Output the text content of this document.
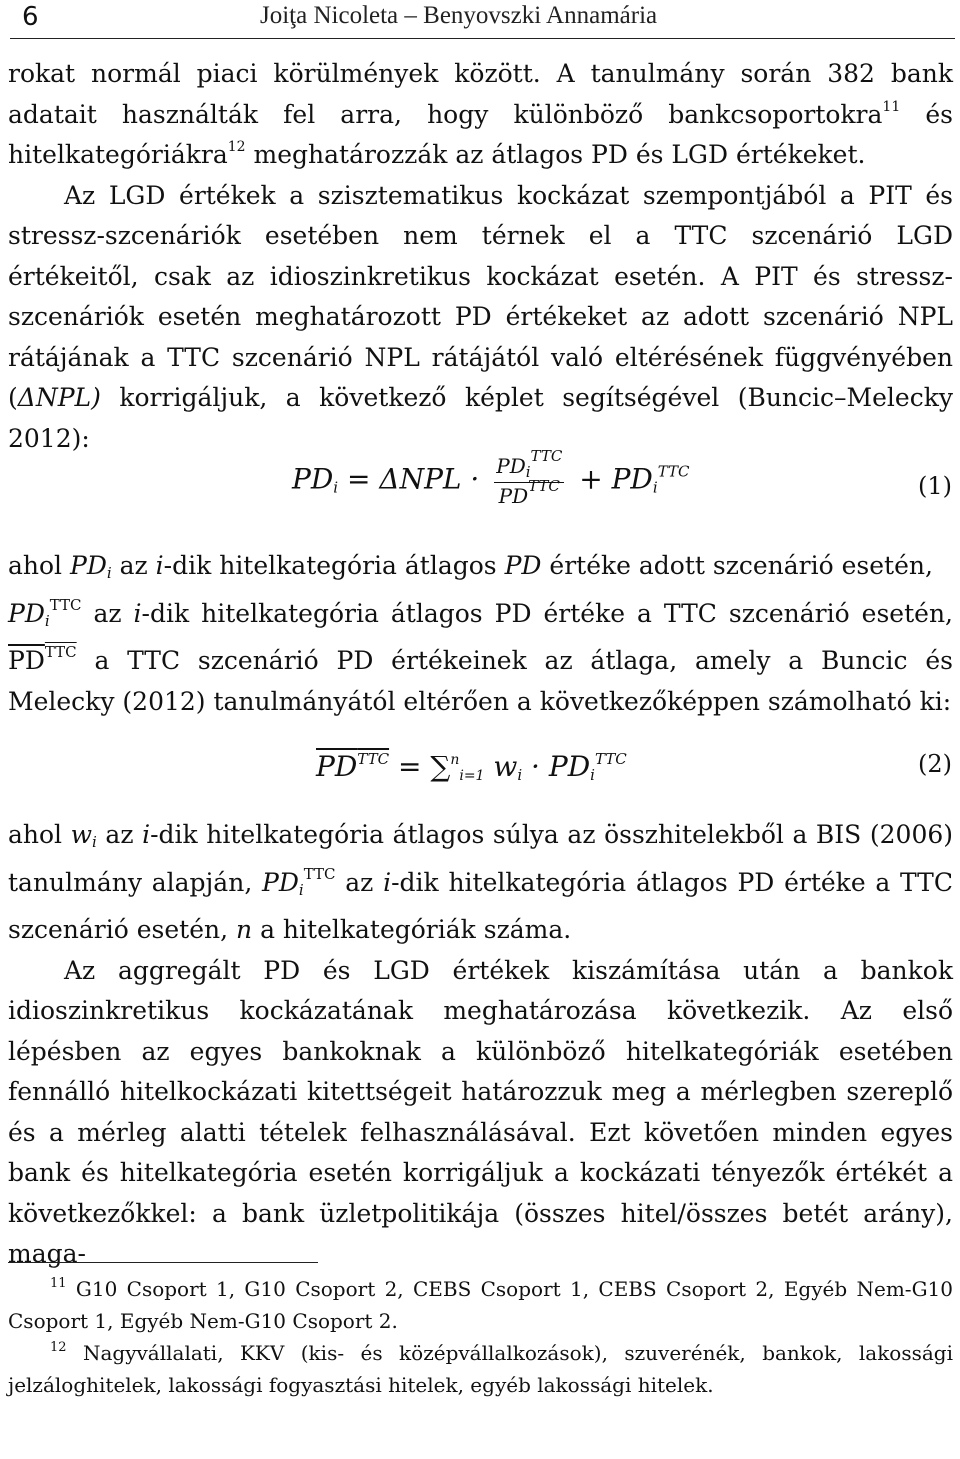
6	Joiţa Nicoleta – Benyovszki Annamária

rokat normál piaci körülmények között. A tanulmány során 382 bank adatait használták fel arra, hogy különböző bankcsoportokra$^{11}$ és hitelkategóriákra$^{12}$ meghatározzák az átlagos PD és LGD értékeket.

Az LGD értékek a szisztematikus kockázat szempontjából a PIT és stressz-szcenáriók esetében nem térnek el a TTC szcenárió LGD értékeitől, csak az idioszinkretikus kockázat esetén. A PIT és stressz-szcenáriók esetén meghatározott PD értékeket az adott szcenárió NPL rátájának a TTC szcenárió NPL rátájától való eltérésének függvényében (ΔNPL) korrigáljuk, a következő képlet segítségével (Buncic–Melecky 2012):

$PD_i = \Delta NPL \cdot \frac{PD_i^{TTC}}{PD^{TTC}} + PD_i^{TTC}$
(1)

ahol $PD_i$ az i-dik hitelkategória átlagos PD értéke adott szcenárió esetén,
$PD_i^{TTC}$ az i-dik hitelkategória átlagos PD értéke a TTC szcenárió esetén, $\overline{PD}^{\overline{TTC}}$ a TTC szcenárió PD értékeinek az átlaga, amely a Buncic és Melecky (2012) tanulmányától eltérően a következőképpen számolható ki:

$PD^{TTC} = \sum^n_{i=1}$ $w_i \cdot PD_i^{TTC}$	(2)

ahol $w_i$ az i-dik hitelkategória átlagos súlya az összhitelekből a BIS (2006) tanulmány alapján, $PD_i^{TTC}$ az i-dik hitelkategória átlagos PD értéke a TTC szcenárió esetén, n a hitelkategóriák száma.

Az aggregált PD és LGD értékek kiszámítása után a bankok idioszinkretikus kockázatának meghatározása következik. Az első lépésben az egyes bankoknak a különböző hitelkategóriák esetében fennálló hitelkockázati kitettségeit határozzuk meg a mérlegben szereplő és a mérleg alatti tételek felhasználásával. Ezt követően minden egyes bank és hitelkategória esetén korrigáljuk a kockázati tényezők értékét a következőkkel: a bank üzletpolitikája (összes hitel/összes betét arány), maga-

$^{11}$ G10 Csoport 1, G10 Csoport 2, CEBS Csoport 1, CEBS Csoport 2, Egyéb Nem-G10 Csoport 1, Egyéb Nem-G10 Csoport 2.

$^{12}$ Nagyvállalati, KKV (kis- és középvállalkozások), szuverénék, bankok, lakossági jelzáloghitelek, lakossági fogyasztási hitelek, egyéb lakossági hitelek.
